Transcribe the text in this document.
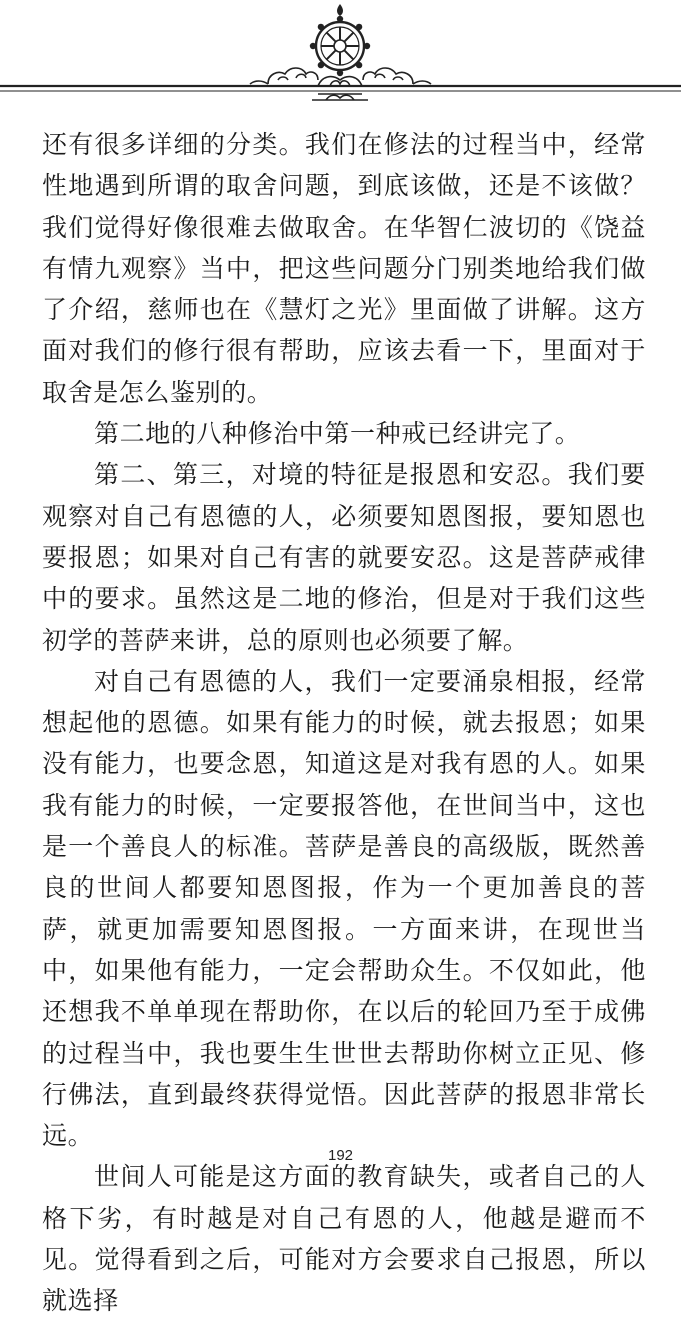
还有很多详细的分类。我们在修法的过程当中，经常性地遇到所谓的取舍问题，到底该做，还是不该做？我们觉得好像很难去做取舍。在华智仁波切的《饶益有情九观察》当中，把这些问题分门别类地给我们做了介绍，慈师也在《慧灯之光》里面做了讲解。这方面对我们的修行很有帮助，应该去看一下，里面对于取舍是怎么鉴别的。

第二地的八种修治中第一种戒已经讲完了。

第二、第三，对境的特征是报恩和安忍。我们要观察对自己有恩德的人，必须要知恩图报，要知恩也要报恩；如果对自己有害的就要安忍。这是菩萨戒律中的要求。虽然这是二地的修治，但是对于我们这些初学的菩萨来讲，总的原则也必须要了解。

对自己有恩德的人，我们一定要涌泉相报，经常想起他的恩德。如果有能力的时候，就去报恩；如果没有能力，也要念恩，知道这是对我有恩的人。如果我有能力的时候，一定要报答他，在世间当中，这也是一个善良人的标准。菩萨是善良的高级版，既然善良的世间人都要知恩图报，作为一个更加善良的菩萨，就更加需要知恩图报。一方面来讲，在现世当中，如果他有能力，一定会帮助众生。不仅如此，他还想我不单单现在帮助你，在以后的轮回乃至于成佛的过程当中，我也要生生世世去帮助你树立正见、修行佛法，直到最终获得觉悟。因此菩萨的报恩非常长远。

世间人可能是这方面的教育缺失，或者自己的人格下劣，有时越是对自己有恩的人，他越是避而不见。觉得看到之后，可能对方会要求自己报恩，所以就选择

192
